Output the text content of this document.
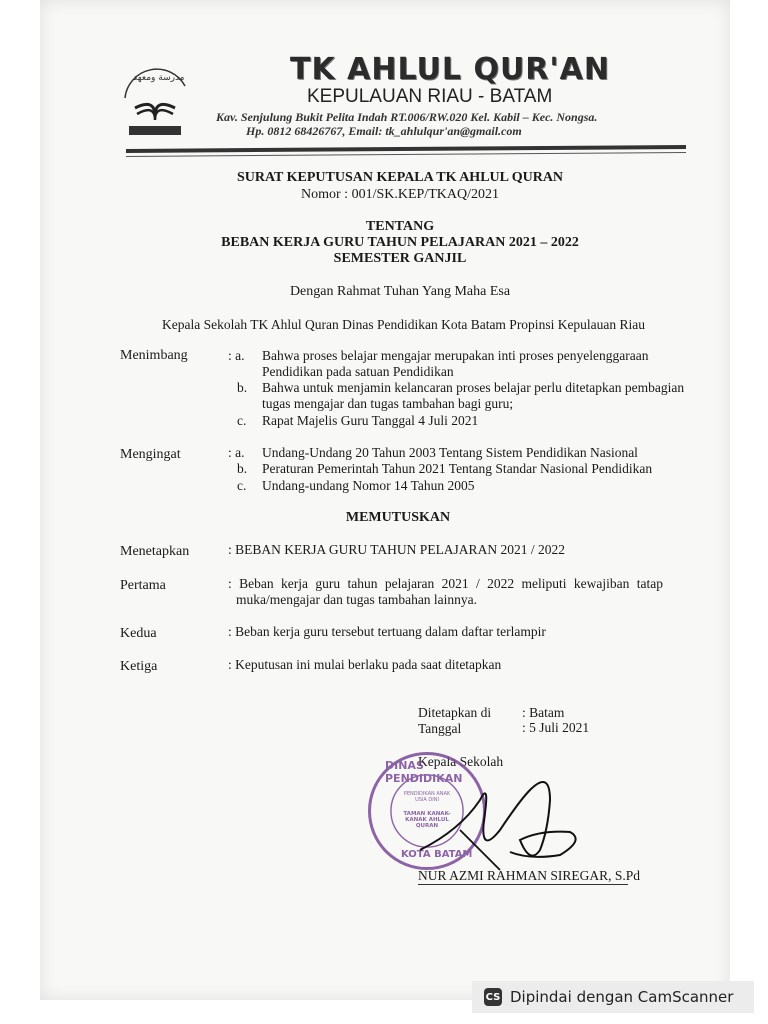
مدرسة ومعهد	TK AHLUL QUR'AN
KEPULAUAN RIAU - BATAM
Kav. Senjulung Bukit Pelita Indah RT.006/RW.020 Kel. Kabil – Kec. Nongsa.
Hp. 0812 68426767, Email: tk_ahlulqur'an@gmail.com
SURAT KEPUTUSAN KEPALA TK AHLUL QURAN
Nomor : 001/SK.KEP/TKAQ/2021
TENTANG
BEBAN KERJA GURU TAHUN PELAJARAN 2021 – 2022
SEMESTER GANJIL
Dengan Rahmat Tuhan Yang Maha Esa
Kepala Sekolah TK Ahlul Quran Dinas Pendidikan Kota Batam Propinsi Kepulauan Riau
Menimbang	: a. Bahwa proses belajar mengajar merupakan inti proses penyelenggaraan
Pendidikan pada satuan Pendidikan
b. Bahwa untuk menjamin kelancaran proses belajar perlu ditetapkan pembagian
tugas mengajar dan tugas tambahan bagi guru;
c. Rapat Majelis Guru Tanggal 4 Juli 2021
Mengingat	: a. Undang-Undang 20 Tahun 2003 Tentang Sistem Pendidikan Nasional
b. Peraturan Pemerintah Tahun 2021 Tentang Standar Nasional Pendidikan
c. Undang-undang Nomor 14 Tahun 2005
MEMUTUSKAN
Menetapkan	: BEBAN KERJA GURU TAHUN PELAJARAN 2021 / 2022
Pertama	: Beban kerja guru tahun pelajaran 2021 / 2022 meliputi kewajiban tatap
muka/mengajar dan tugas tambahan lainnya.
Kedua	: Beban kerja guru tersebut tertuang dalam daftar terlampir
Ketiga	: Keputusan ini mulai berlaku pada saat ditetapkan
Ditetapkan di : Batam
Tanggal	: 5 Juli 2021
Kepala Sekolah
DINAS PENDIDIKAN
PENDIDIKAN ANAK USIA DINI
TAMAN KANAK-KANAK AHLUL QURAN
KOTA BATAM
NUR AZMI RAHMAN SIREGAR, S.Pd
CS Dipindai dengan CamScanner
